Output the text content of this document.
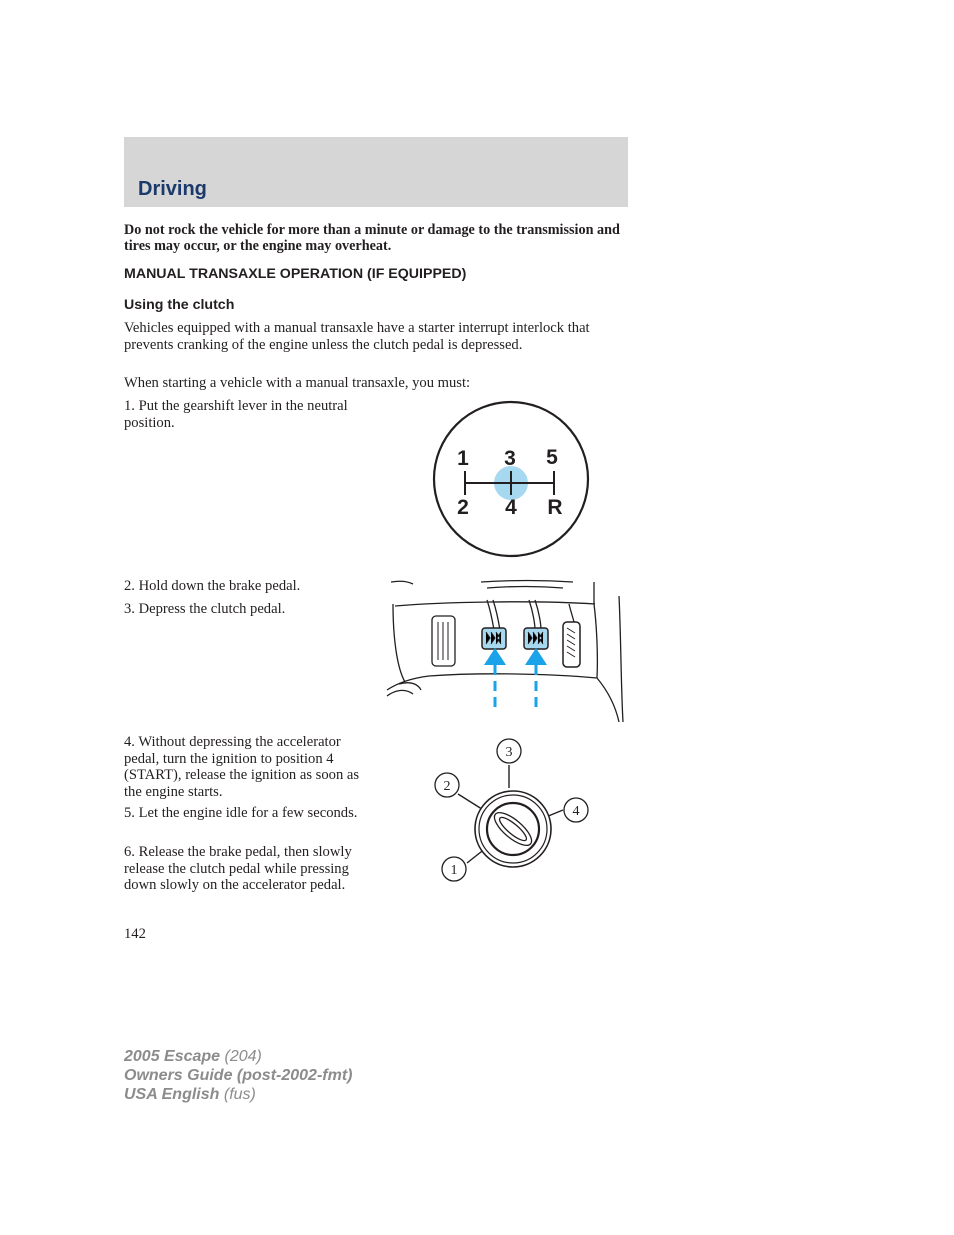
Driving

Do not rock the vehicle for more than a minute or damage to the transmission and tires may occur, or the engine may overheat.

MANUAL TRANSAXLE OPERATION (IF EQUIPPED)
Using the clutch

Vehicles equipped with a manual transaxle have a starter interrupt interlock that prevents cranking of the engine unless the clutch pedal is depressed.

When starting a vehicle with a manual transaxle, you must:

1. Put the gearshift lever in the neutral position.

2. Hold down the brake pedal.

3. Depress the clutch pedal.

4. Without depressing the accelerator pedal, turn the ignition to position 4 (START), release the ignition as soon as the engine starts.

5. Let the engine idle for a few seconds.

6. Release the brake pedal, then slowly release the clutch pedal while pressing down slowly on the accelerator pedal.

1 3 5
2 4 R
3
2
4
1

142

2005 Escape (204)
Owners Guide (post-2002-fmt)
USA English (fus)
